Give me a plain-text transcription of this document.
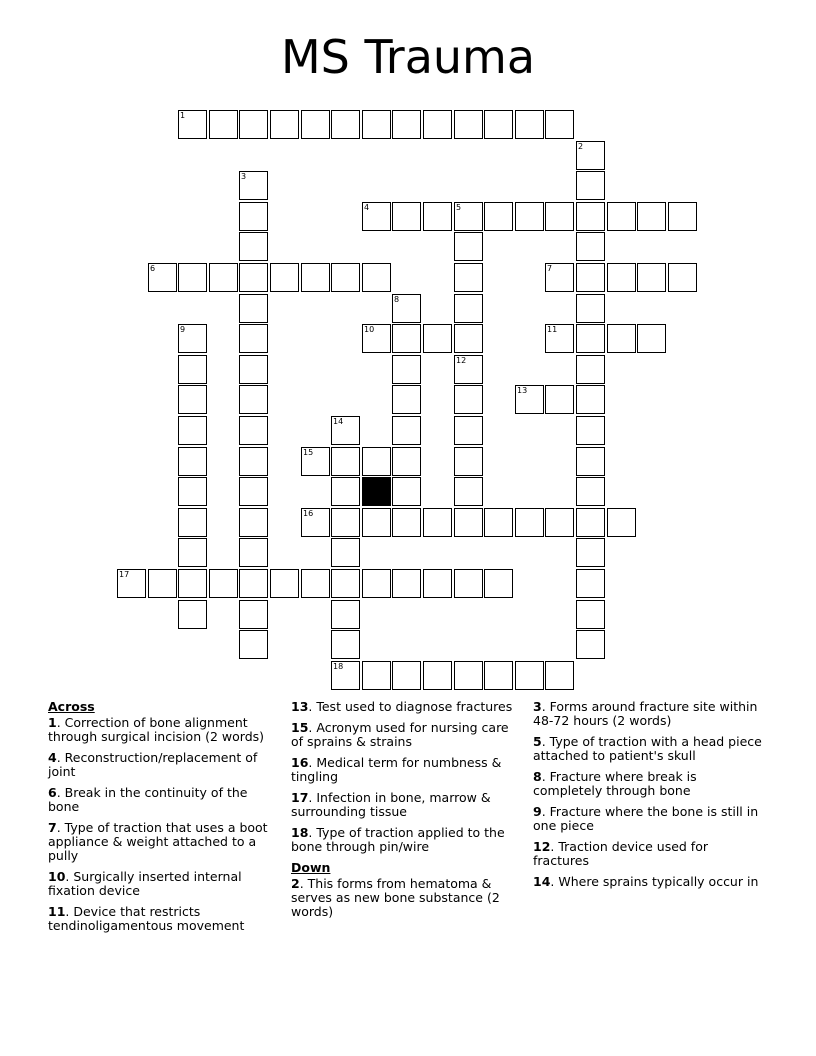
MS Trauma
1
2
3
4	5
6	7
8
9	10	11
12
13
14
15
16
17
18
Across
1. Correction of bone alignment through surgical incision (2 words)
4. Reconstruction/replacement of joint
6. Break in the continuity of the bone
7. Type of traction that uses a boot appliance & weight attached to a pully
10. Surgically inserted internal fixation device
11. Device that restricts tendinoligamentous movement
13. Test used to diagnose fractures
15. Acronym used for nursing care of sprains & strains
16. Medical term for numbness & tingling
17. Infection in bone, marrow & surrounding tissue
18. Type of traction applied to the bone through pin/wire
Down
2. This forms from hematoma & serves as new bone substance (2 words)
3. Forms around fracture site within 48-72 hours (2 words)
5. Type of traction with a head piece attached to patient's skull
8. Fracture where break is completely through bone
9. Fracture where the bone is still in one piece
12. Traction device used for fractures
14. Where sprains typically occur in
